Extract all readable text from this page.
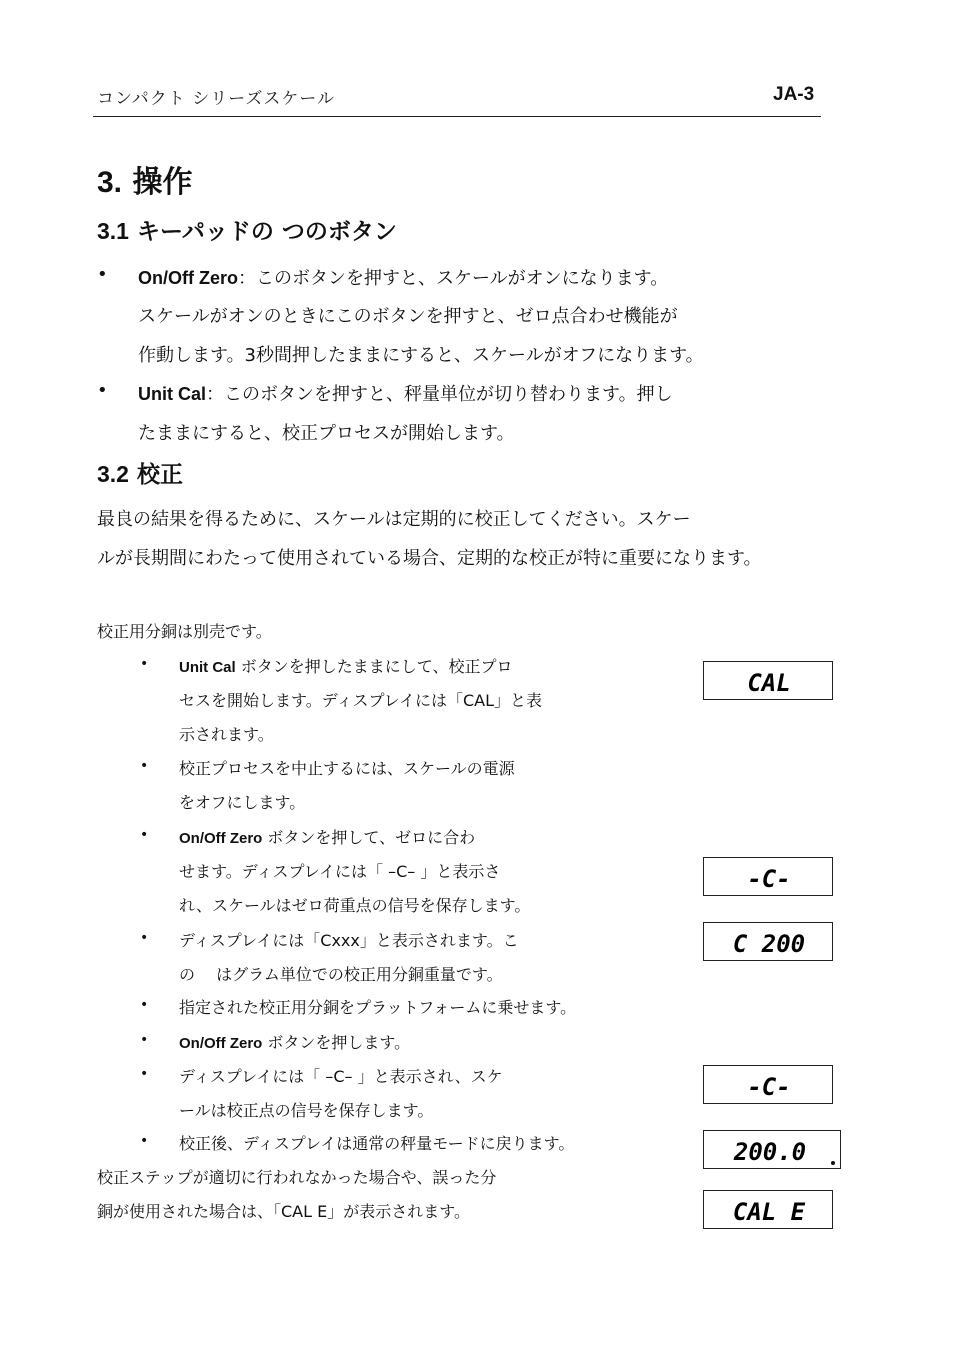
コンパクト シリーズスケール	JA-3
3. 操作
3.1 キーパッドの つのボタン
• On/Off Zero：このボタンを押すと、スケールがオンになります。
スケールがオンのときにこのボタンを押すと、ゼロ点合わせ機能が
作動します。3秒間押したままにすると、スケールがオフになります。
• Unit Cal：このボタンを押すと、秤量単位が切り替わります。押し
たままにすると、校正プロセスが開始します。
3.2 校正
最良の結果を得るために、スケールは定期的に校正してください。スケー
ルが長期間にわたって使用されている場合、定期的な校正が特に重要になります。
校正用分銅は別売です。
• Unit Cal ボタンを押したままにして、校正プロ
セスを開始します。ディスプレイには「CAL」と表
示されます。
• 校正プロセスを中止するには、スケールの電源
をオフにします。
• On/Off Zero ボタンを押して、ゼロに合わ
せます。ディスプレイには「 –C– 」と表示さ
れ、スケールはゼロ荷重点の信号を保存します。
• ディスプレイには「Cxxx」と表示されます。こ
の　 はグラム単位での校正用分銅重量です。
• 指定された校正用分銅をプラットフォームに乗せます。
• On/Off Zero ボタンを押します。
• ディスプレイには「 –C– 」と表示され、スケ
ールは校正点の信号を保存します。
• 校正後、ディスプレイは通常の秤量モードに戻ります。
校正ステップが適切に行われなかった場合や、誤った分
銅が使用された場合は、「CAL E」が表示されます。
CAL
-C-
C 200
-C-
200.0
CAL E
